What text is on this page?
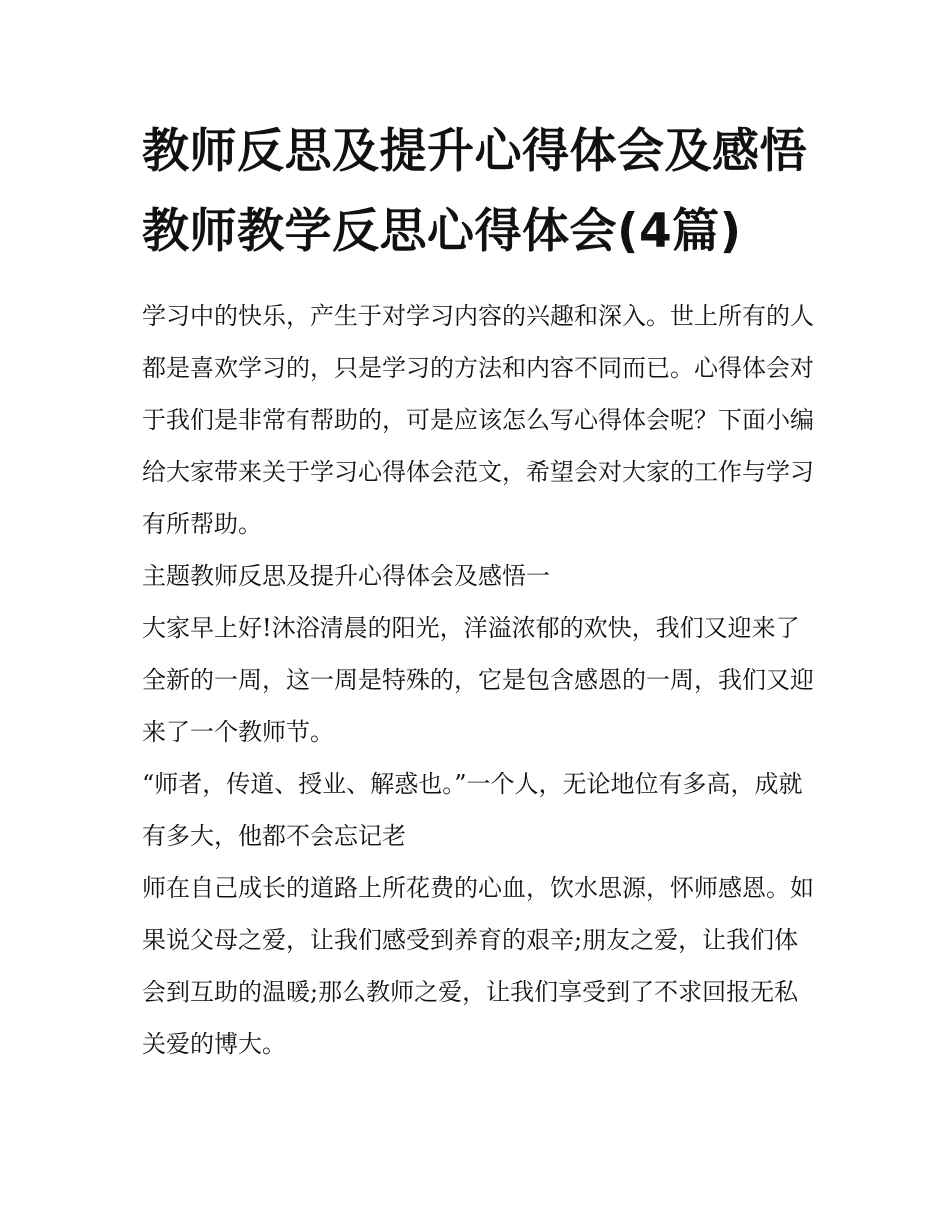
教师反思及提升心得体会及感悟 教师教学反思心得体会(4篇)

学习中的快乐，产生于对学习内容的兴趣和深入。世上所有的人都是喜欢学习的，只是学习的方法和内容不同而已。心得体会对于我们是非常有帮助的，可是应该怎么写心得体会呢？下面小编给大家带来关于学习心得体会范文，希望会对大家的工作与学习有所帮助。

主题教师反思及提升心得体会及感悟一

大家早上好!沐浴清晨的阳光，洋溢浓郁的欢快，我们又迎来了全新的一周，这一周是特殊的，它是包含感恩的一周，我们又迎来了一个教师节。

“师者，传道、授业、解惑也。”一个人，无论地位有多高，成就有多大，他都不会忘记老

师在自己成长的道路上所花费的心血，饮水思源，怀师感恩。如果说父母之爱，让我们感受到养育的艰辛;朋友之爱，让我们体会到互助的温暖;那么教师之爱，让我们享受到了不求回报无私关爱的博大。
